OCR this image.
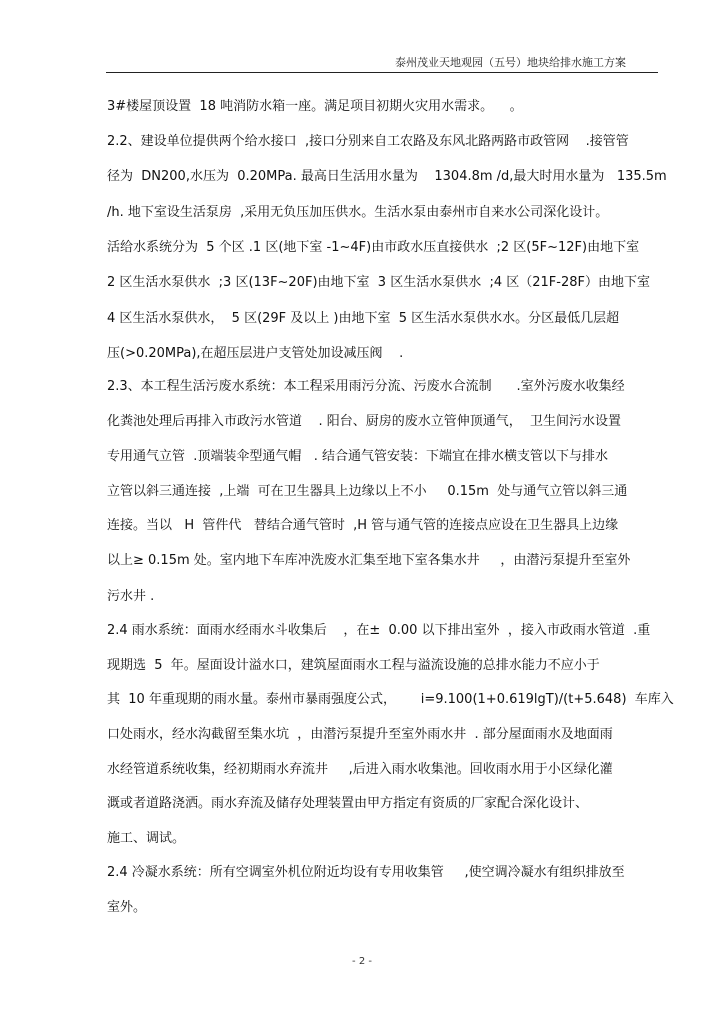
泰州茂业天地观园（五号）地块给排水施工方案
3#楼屋顶设置  18 吨消防水箱一座。满足项目初期火灾用水需求。    。
2.2、建设单位提供两个给水接口  ,接口分别来自工农路及东风北路两路市政管网    .接管管
径为  DN200,水压为  0.20MPa. 最高日生活用水量为    1304.8m /d,最大时用水量为   135.5m
/h. 地下室设生活泵房  ,采用无负压加压供水。生活水泵由泰州市自来水公司深化设计。
活给水系统分为  5 个区 .1 区(地下室 -1~4F)由市政水压直接供水  ;2 区(5F~12F)由地下室
2 区生活水泵供水  ;3 区(13F~20F)由地下室  3 区生活水泵供水  ;4 区（21F-28F）由地下室
4 区生活水泵供水，  5 区(29F 及以上 )由地下室  5 区生活水泵供水水。分区最低几层超
压(>0.20MPa),在超压层进户支管处加设减压阀    .
2.3、本工程生活污废水系统：本工程采用雨污分流、污废水合流制      .室外污废水收集经
化粪池处理后再排入市政污水管道    . 阳台、厨房的废水立管伸顶通气，  卫生间污水设置
专用通气立管  .顶端装伞型通气帽   . 结合通气管安装：下端宜在排水横支管以下与排水
立管以斜三通连接  ,上端  可在卫生器具上边缘以上不小     0.15m  处与通气立管以斜三通
连接。当以   H  管件代   替结合通气管时  ,H 管与通气管的连接点应设在卫生器具上边缘
以上≥ 0.15m 处。室内地下车库冲洗废水汇集至地下室各集水井     ，由潜污泵提升至室外
污水井 .
2.4 雨水系统：面雨水经雨水斗收集后    ，在±  0.00 以下排出室外  ，接入市政雨水管道  .重
现期选  5  年。屋面设计溢水口，建筑屋面雨水工程与溢流设施的总排水能力不应小于
其  10 年重现期的雨水量。泰州市暴雨强度公式，      i=9.100(1+0.619lgT)/(t+5.648)  车库入
口处雨水，经水沟截留至集水坑  ，由潜污泵提升至室外雨水井  . 部分屋面雨水及地面雨
水经管道系统收集，经初期雨水弃流井     ,后进入雨水收集池。回收雨水用于小区绿化灌
溉或者道路浇洒。雨水弃流及储存处理装置由甲方指定有资质的厂家配合深化设计、
施工、调试。
2.4 冷凝水系统：所有空调室外机位附近均设有专用收集管     ,使空调冷凝水有组织排放至
室外。
- 2 -
